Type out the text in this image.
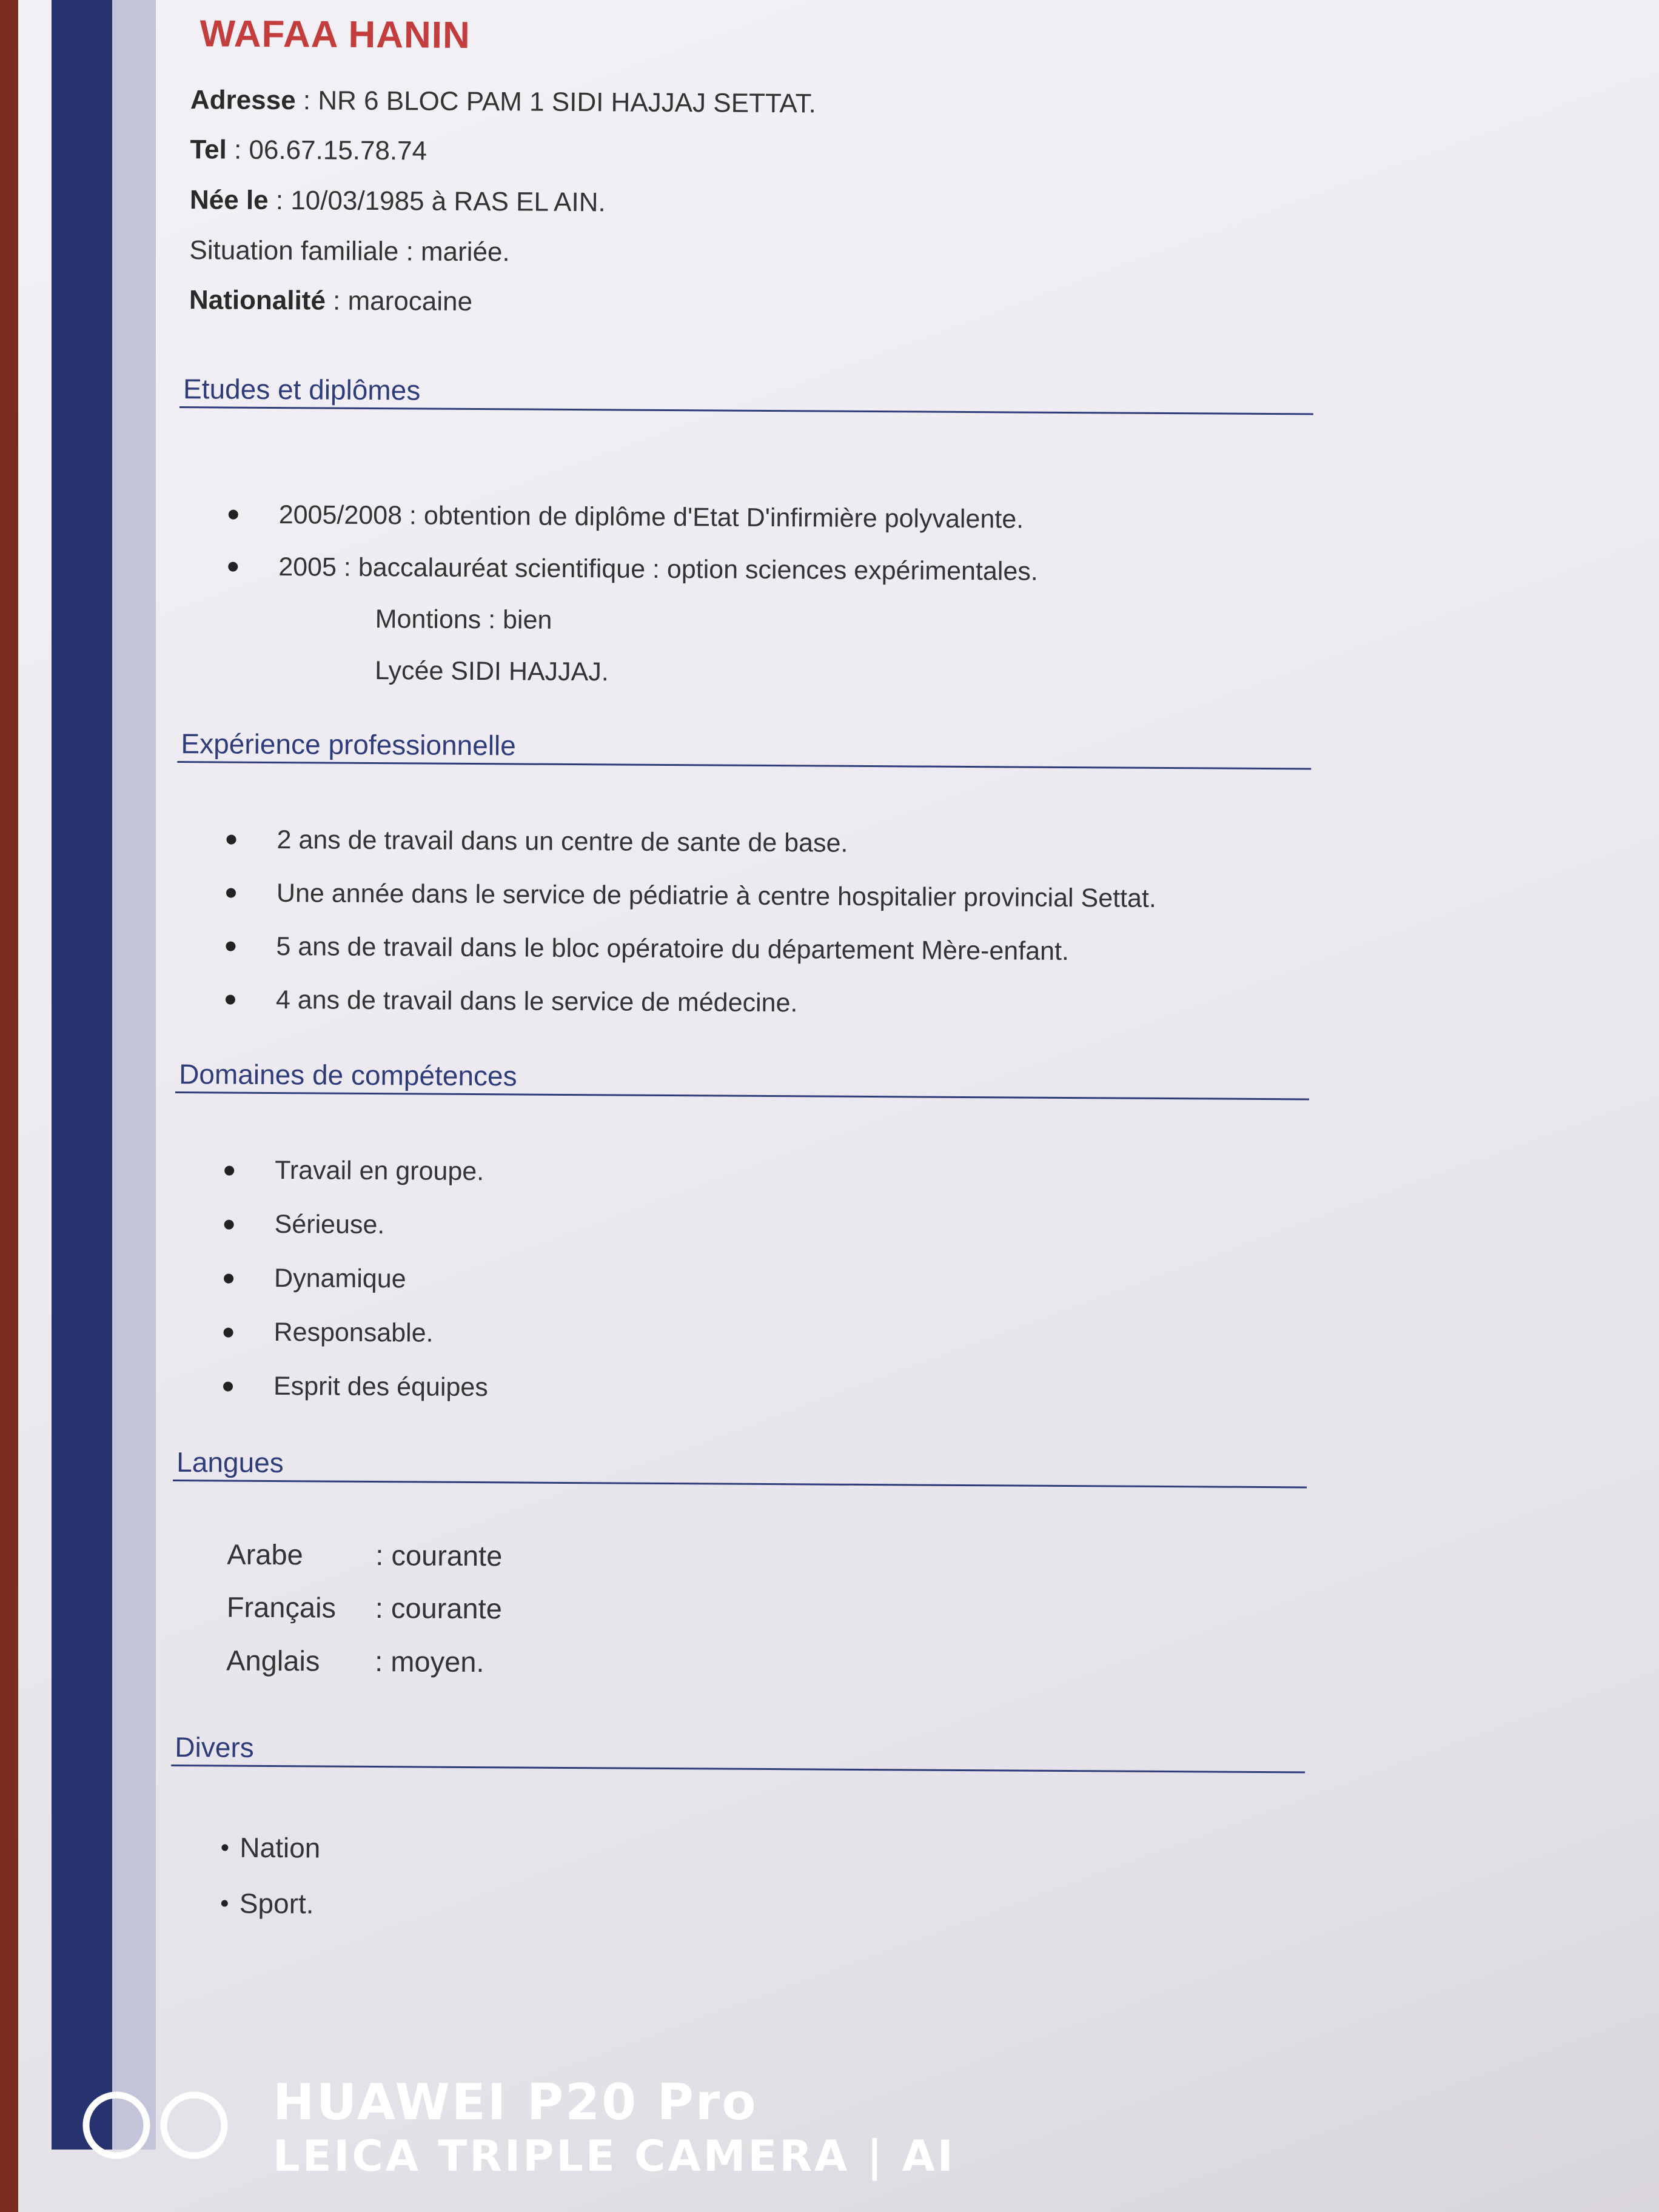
WAFAA HANIN
Adresse : NR 6 BLOC PAM 1 SIDI HAJJAJ SETTAT.
Tel : 06.67.15.78.74
Née le : 10/03/1985 à RAS EL AIN.
Situation familiale : mariée.
Nationalité : marocaine
Etudes et diplômes
2005/2008 : obtention de diplôme d'Etat D'infirmière polyvalente.
2005 : baccalauréat scientifique : option sciences expérimentales.
Montions : bien
Lycée SIDI HAJJAJ.
Expérience professionnelle
2 ans de travail dans un centre de sante de base.
Une année dans le service de pédiatrie à centre hospitalier provincial Settat.
5 ans de travail dans le bloc opératoire du département Mère-enfant.
4 ans de travail dans le service de médecine.
Domaines de compétences
Travail en groupe.
Sérieuse.
Dynamique
Responsable.
Esprit des équipes
Langues
Arabe	: courante
Français : courante
Anglais : moyen.
Divers
Nation
Sport.
HUAWEI P20 Pro
LEICA TRIPLE CAMERA | AI
